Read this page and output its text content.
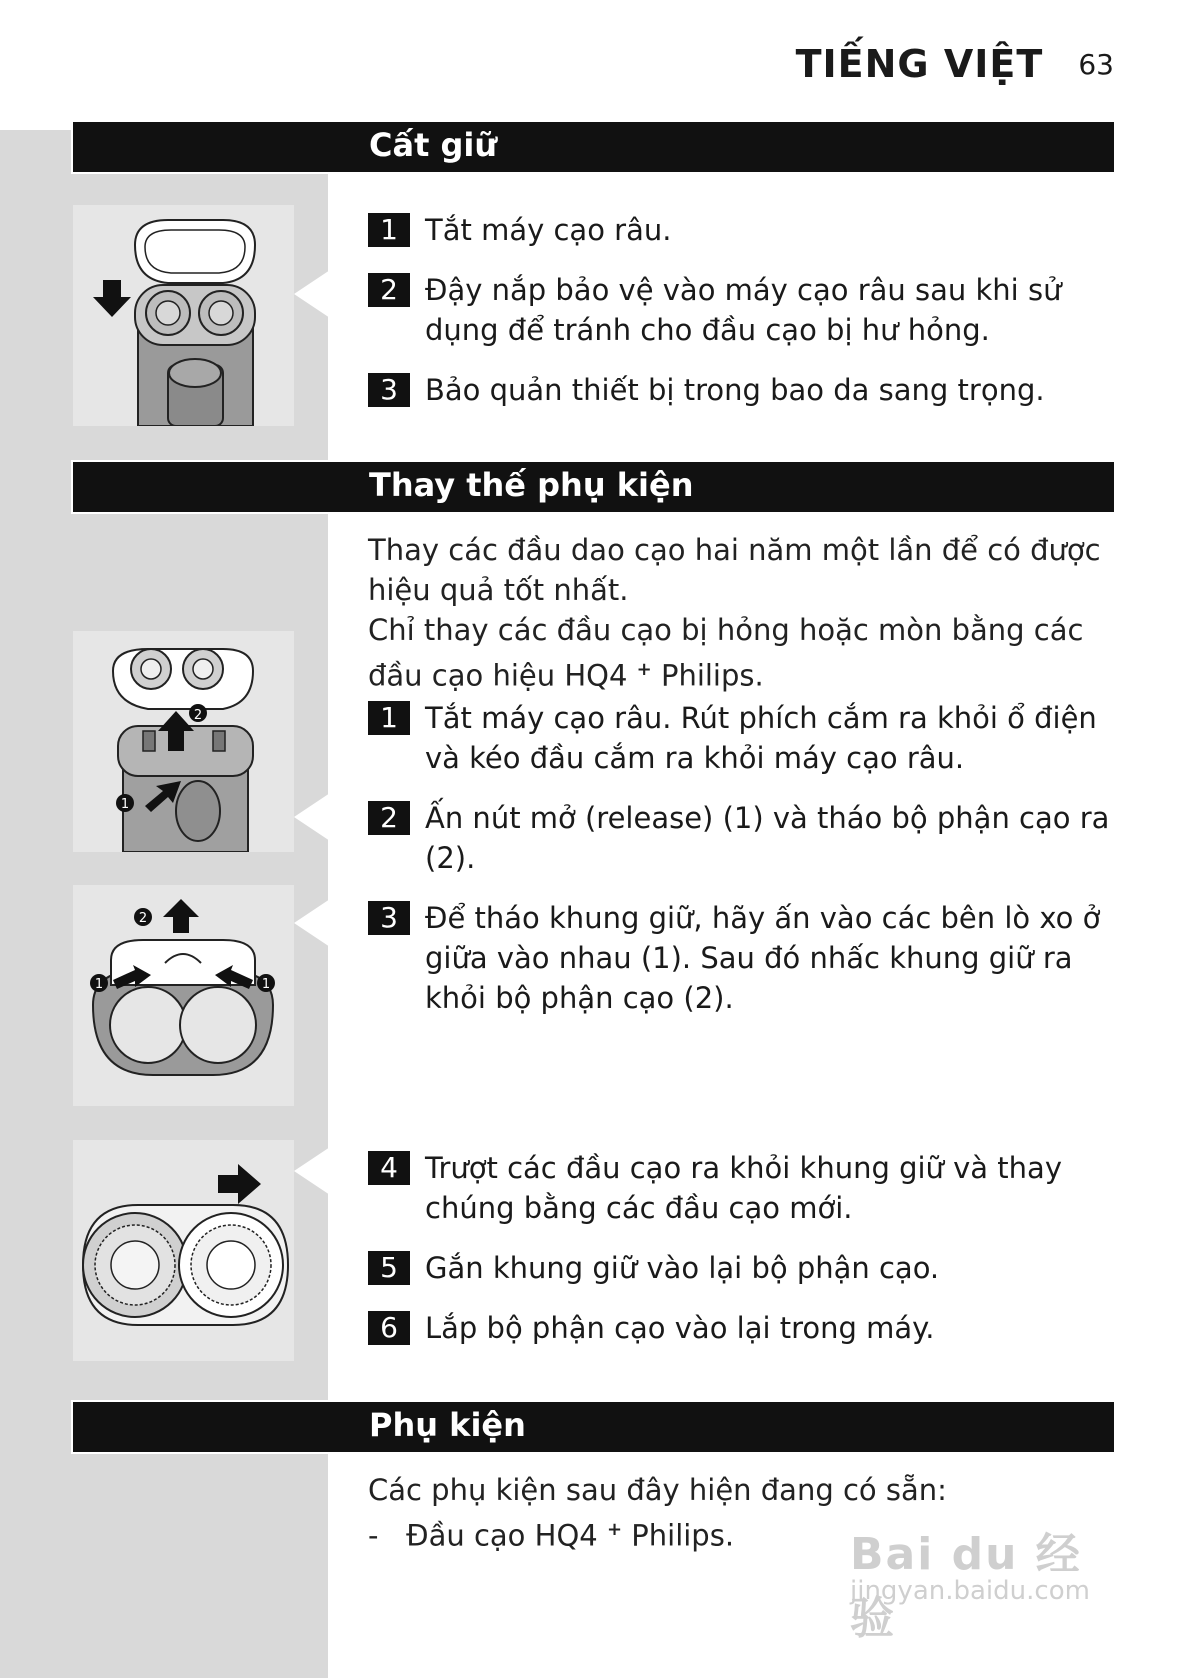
TIẾNG VIỆT 63
Cất giữ
1 Tắt máy cạo râu.
2 Đậy nắp bảo vệ vào máy cạo râu sau khi sử dụng để tránh cho đầu cạo bị hư hỏng.
3 Bảo quản thiết bị trong bao da sang trọng.
Thay thế phụ kiện
Thay các đầu dao cạo hai năm một lần để có được hiệu quả tốt nhất.
Chỉ thay các đầu cạo bị hỏng hoặc mòn bằng các đầu cạo hiệu HQ4 + Philips.
2
1
1	1
2
1 Tắt máy cạo râu. Rút phích cắm ra khỏi ổ điện và kéo đầu cắm ra khỏi máy cạo râu.
2 Ấn nút mở (release) (1) và tháo bộ phận cạo ra (2).
3 Để tháo khung giữ, hãy ấn vào các bên lò xo ở giữa vào nhau (1). Sau đó nhấc khung giữ ra khỏi bộ phận cạo (2).
4 Trượt các đầu cạo ra khỏi khung giữ và thay chúng bằng các đầu cạo mới.
5 Gắn khung giữ vào lại bộ phận cạo.
6 Lắp bộ phận cạo vào lại trong máy.
Phụ kiện
Các phụ kiện sau đây hiện đang có sẵn:
-   Đầu cạo HQ4 + Philips.	Bai du 经验
jingyan.baidu.com
